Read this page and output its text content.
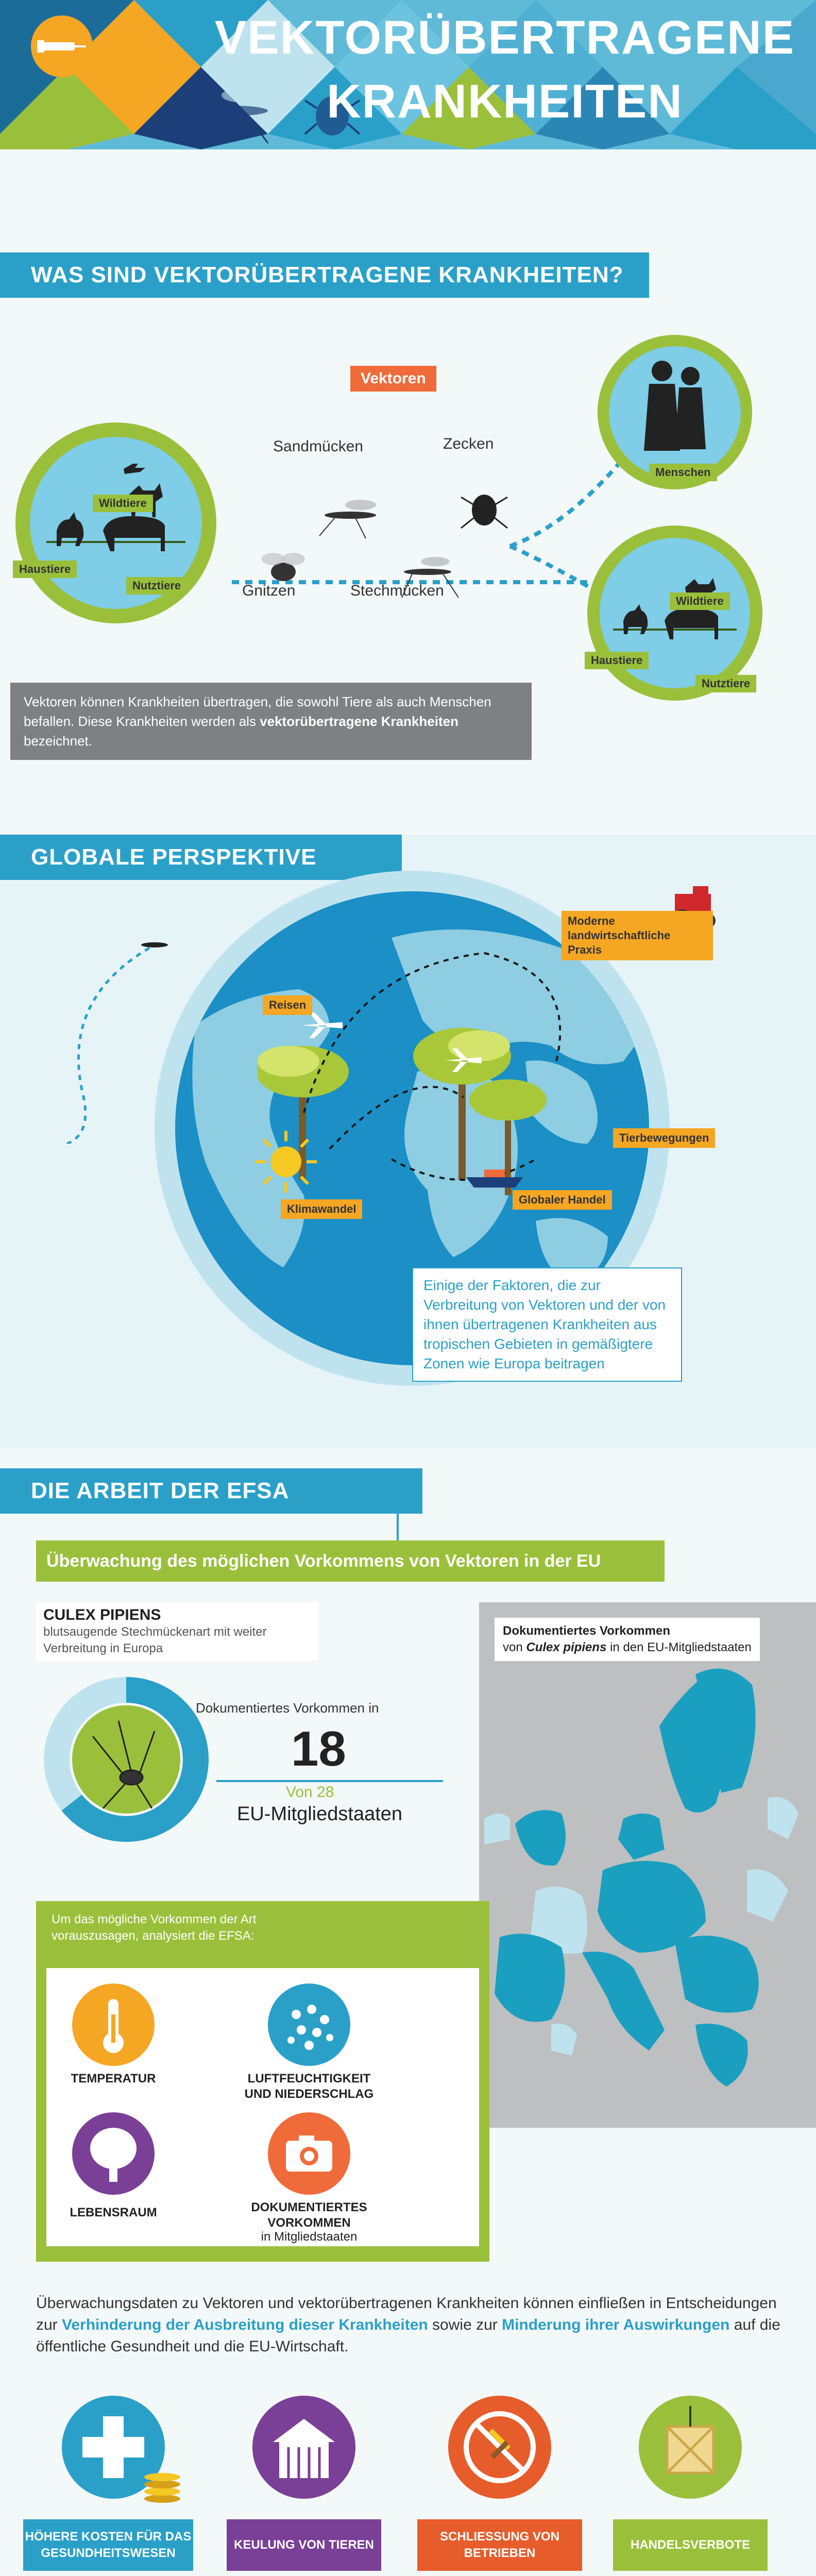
VEKTORÜBERTRAGENE
KRANKHEITEN
WAS SIND VEKTORÜBERTRAGENE KRANKHEITEN?
Vektoren
Wildtiere
Haustiere
Nutztiere
Sandmücken	Zecken
Gnitzen	Stechmücken
Menschen
Wildtiere
Haustiere
Nutztiere
Vektoren können Krankheiten übertragen, die sowohl Tiere als auch Menschen befallen. Diese Krankheiten werden als vektorübertragene Krankheiten bezeichnet.
GLOBALE PERSPEKTIVE
Moderne landwirtschaftliche Praxis
Reisen
Tierbewegungen
Klimawandel
Globaler Handel
Einige der Faktoren, die zur Verbreitung von Vektoren und der von ihnen übertragenen Krankheiten aus tropischen Gebieten in gemäßigtere Zonen wie Europa beitragen
DIE ARBEIT DER EFSA
Überwachung des möglichen Vorkommens von Vektoren in der EU
CULEX PIPIENS
blutsaugende Stechmückenart mit weiter Verbreitung in Europa
Dokumentiertes Vorkommen in
18
Von 28
EU-Mitgliedstaaten
Dokumentiertes Vorkommen
von Culex pipiens in den EU-Mitgliedstaaten
Um das mögliche Vorkommen der Art vorauszusagen, analysiert die EFSA:
TEMPERATUR	LUFTFEUCHTIGKEIT UND NIEDERSCHLAG
LEBENSRAUM	DOKUMENTIERTES VORKOMMEN
in Mitgliedstaaten
Überwachungsdaten zu Vektoren und vektorübertragenen Krankheiten können einfließen in Entscheidungen zur Verhinderung der Ausbreitung dieser Krankheiten sowie zur Minderung ihrer Auswirkungen auf die öffentliche Gesundheit und die EU-Wirtschaft.
HÖHERE KOSTEN FÜR DAS GESUNDHEITSWESEN
KEULUNG VON TIEREN
SCHLIESSUNG VON BETRIEBEN
HANDELSVERBOTE
